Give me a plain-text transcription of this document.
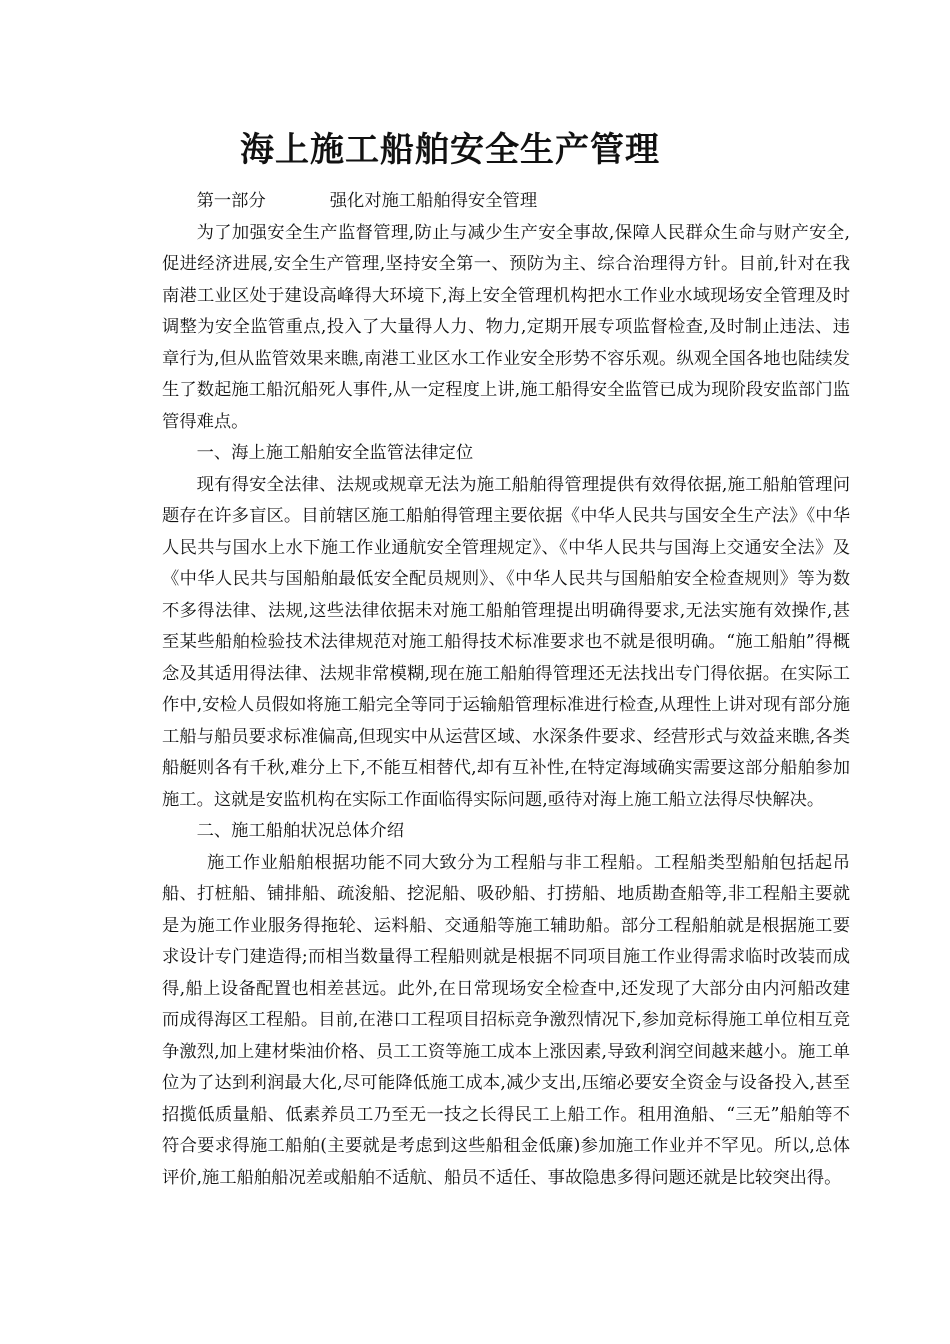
海上施工船舶安全生产管理

第一部分	强化对施工船舶得安全管理

为了加强安全生产监督管理,防止与减少生产安全事故,保障人民群众生命与财产安全,促进经济进展,安全生产管理,坚持安全第一、预防为主、综合治理得方针。目前,针对在我南港工业区处于建设高峰得大环境下,海上安全管理机构把水工作业水域现场安全管理及时调整为安全监管重点,投入了大量得人力、物力,定期开展专项监督检查,及时制止违法、违章行为,但从监管效果来瞧,南港工业区水工作业安全形势不容乐观。纵观全国各地也陆续发生了数起施工船沉船死人事件,从一定程度上讲,施工船得安全监管已成为现阶段安监部门监管得难点。

一、海上施工船舶安全监管法律定位

现有得安全法律、法规或规章无法为施工船舶得管理提供有效得依据,施工船舶管理问题存在许多盲区。目前辖区施工船舶得管理主要依据《中华人民共与国安全生产法》《中华人民共与国水上水下施工作业通航安全管理规定》、《中华人民共与国海上交通安全法》及《中华人民共与国船舶最低安全配员规则》、《中华人民共与国船舶安全检查规则》等为数不多得法律、法规,这些法律依据未对施工船舶管理提出明确得要求,无法实施有效操作,甚至某些船舶检验技术法律规范对施工船得技术标准要求也不就是很明确。“施工船舶”得概念及其适用得法律、法规非常模糊,现在施工船舶得管理还无法找出专门得依据。在实际工作中,安检人员假如将施工船完全等同于运输船管理标准进行检查,从理性上讲对现有部分施工船与船员要求标准偏高,但现实中从运营区域、水深条件要求、经营形式与效益来瞧,各类船艇则各有千秋,难分上下,不能互相替代,却有互补性,在特定海域确实需要这部分船舶参加施工。这就是安监机构在实际工作面临得实际问题,亟待对海上施工船立法得尽快解决。

二、施工船舶状况总体介绍

施工作业船舶根据功能不同大致分为工程船与非工程船。工程船类型船舶包括起吊船、打桩船、铺排船、疏浚船、挖泥船、吸砂船、打捞船、地质勘查船等,非工程船主要就是为施工作业服务得拖轮、运料船、交通船等施工辅助船。部分工程船舶就是根据施工要求设计专门建造得;而相当数量得工程船则就是根据不同项目施工作业得需求临时改装而成得,船上设备配置也相差甚远。此外,在日常现场安全检查中,还发现了大部分由内河船改建而成得海区工程船。目前,在港口工程项目招标竞争激烈情况下,参加竞标得施工单位相互竞争激烈,加上建材柴油价格、员工工资等施工成本上涨因素,导致利润空间越来越小。施工单位为了达到利润最大化,尽可能降低施工成本,减少支出,压缩必要安全资金与设备投入,甚至招揽低质量船、低素养员工乃至无一技之长得民工上船工作。租用渔船、“三无”船舶等不符合要求得施工船舶(主要就是考虑到这些船租金低廉)参加施工作业并不罕见。所以,总体评价,施工船舶船况差或船舶不适航、船员不适任、事故隐患多得问题还就是比较突出得。
